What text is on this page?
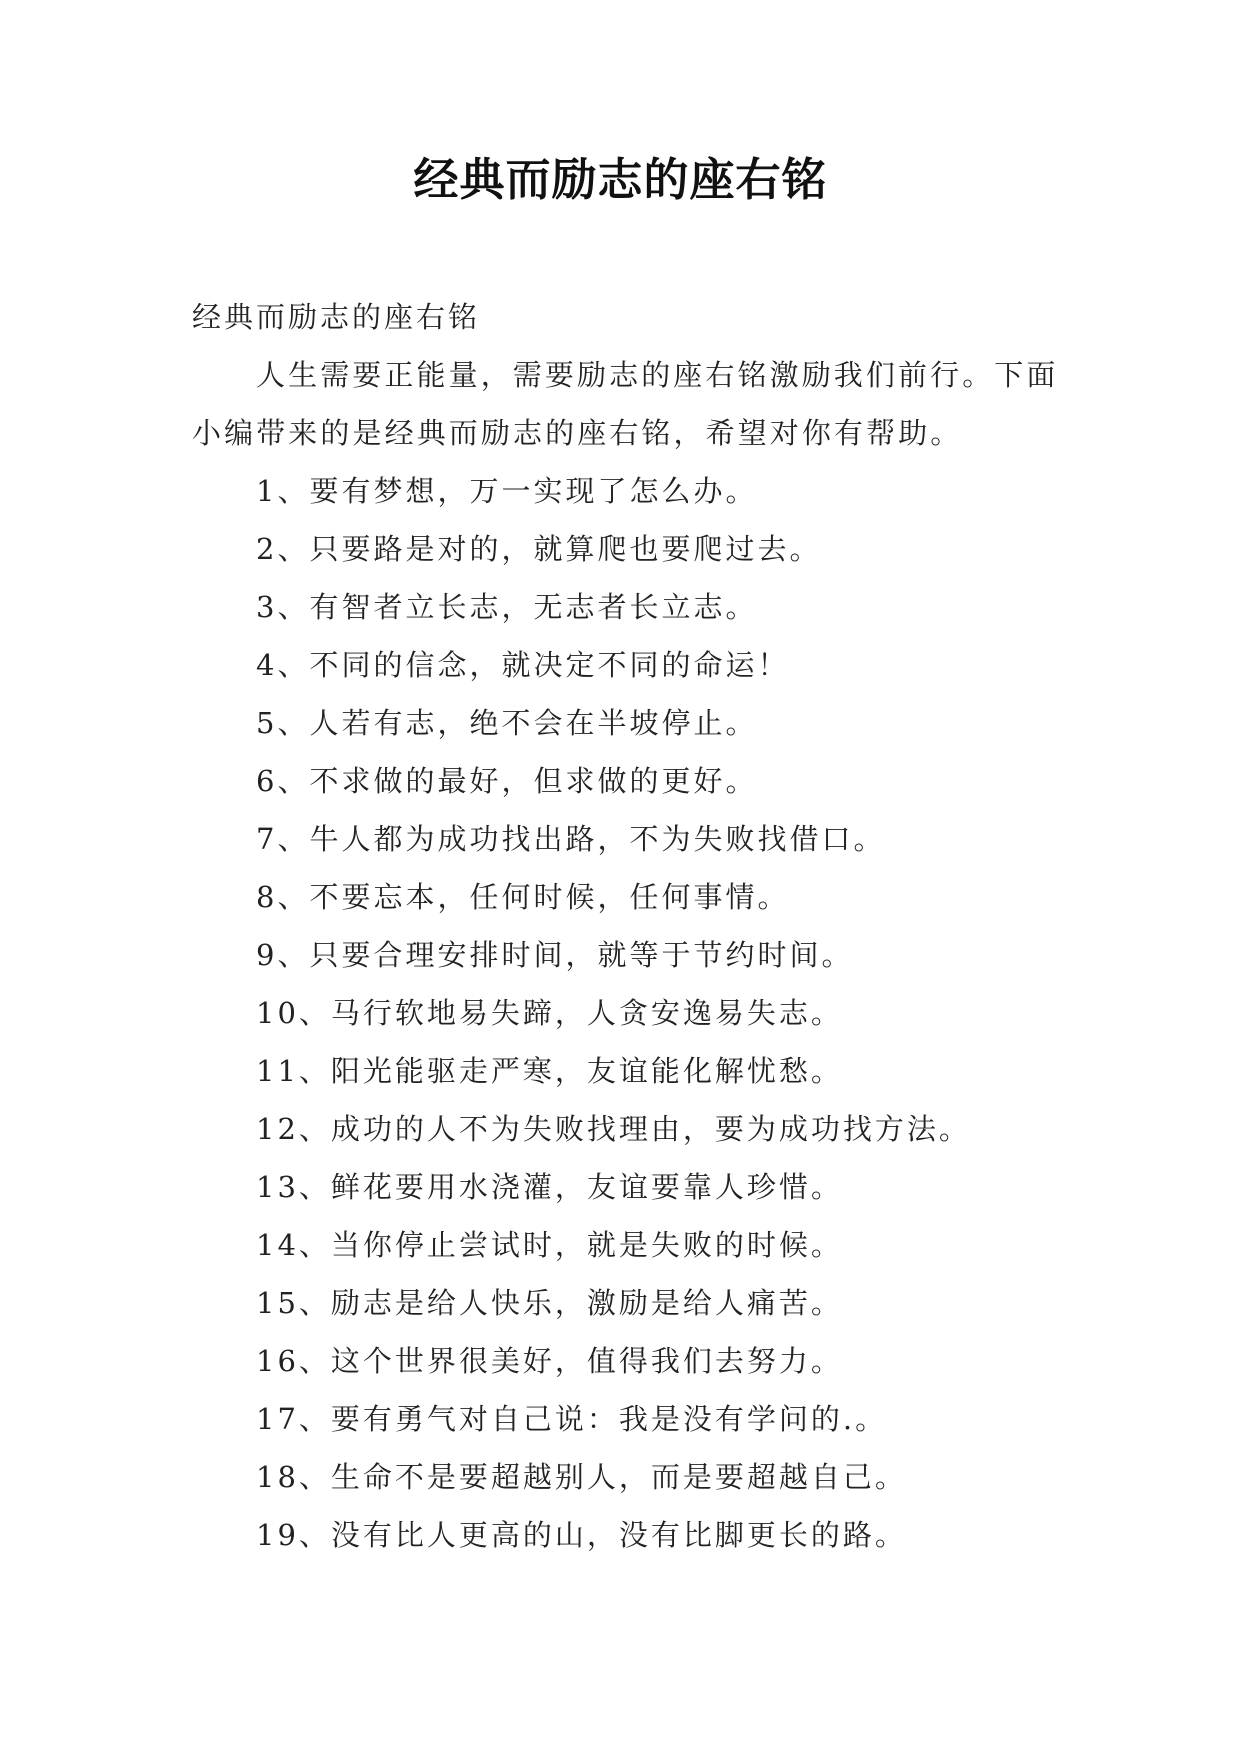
经典而励志的座右铭

经典而励志的座右铭

人生需要正能量，需要励志的座右铭激励我们前行。下面小编带来的是经典而励志的座右铭，希望对你有帮助。

1、要有梦想，万一实现了怎么办。
2、只要路是对的，就算爬也要爬过去。
3、有智者立长志，无志者长立志。
4、不同的信念，就决定不同的命运！
5、人若有志，绝不会在半坡停止。
6、不求做的最好，但求做的更好。
7、牛人都为成功找出路，不为失败找借口。
8、不要忘本，任何时候，任何事情。
9、只要合理安排时间，就等于节约时间。
10、马行软地易失蹄，人贪安逸易失志。
11、阳光能驱走严寒，友谊能化解忧愁。
12、成功的人不为失败找理由，要为成功找方法。
13、鲜花要用水浇灌，友谊要靠人珍惜。
14、当你停止尝试时，就是失败的时候。
15、励志是给人快乐，激励是给人痛苦。
16、这个世界很美好，值得我们去努力。
17、要有勇气对自己说：我是没有学问的.。
18、生命不是要超越别人，而是要超越自己。
19、没有比人更高的山，没有比脚更长的路。
